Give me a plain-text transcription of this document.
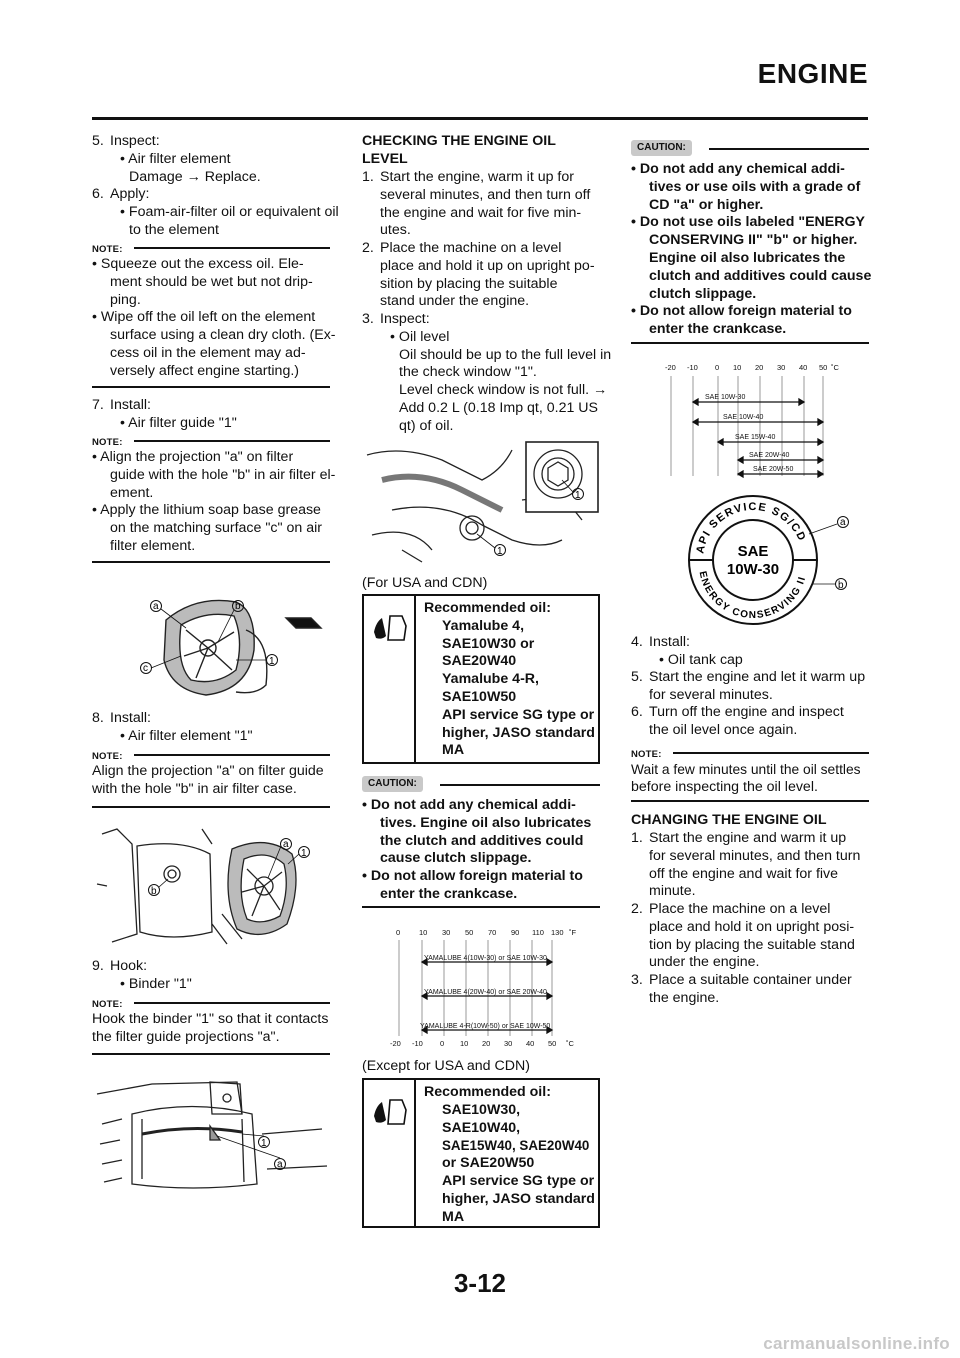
ENGINE
5. Inspect:
• Air filter element
Damage → Replace.
6. Apply:
• Foam-air-filter oil or equivalent oil
to the element
NOTE:
• Squeeze out the excess oil. Ele-
ment should be wet but not drip-
ping.
• Wipe off the oil left on the element
surface using a clean dry cloth. (Ex-
cess oil in the element may ad-
versely affect engine starting.)
7. Install:
• Air filter guide "1"
NOTE:
• Align the projection "a" on filter
guide with the hole "b" in air filter el-
ement.
• Apply the lithium soap base grease
on the matching surface "c" on air
filter element.
a	b
c
1
8. Install:
• Air filter element "1"
NOTE:
Align the projection "a" on filter guide
with the hole "b" in air filter case.
a
1
b
9. Hook:
• Binder "1"
NOTE:
Hook the binder "1" so that it contacts
the filter guide projections "a".
1
a
CHECKING THE ENGINE OIL
LEVEL
1. Start the engine, warm it up for
several minutes, and then turn off
the engine and wait for five min-
utes.
2. Place the machine on a level
place and hold it up on upright po-
sition by placing the suitable
stand under the engine.
3. Inspect:
• Oil level
Oil should be up to the full level in
the check window "1".
Level check window is not full. →
Add 0.2 L (0.18 Imp qt, 0.21 US
qt) of oil.
1
1
(For USA and CDN)
Recommended oil:
Yamalube 4,
SAE10W30 or
SAE20W40
Yamalube 4-R,
SAE10W50
API service SG type or
higher, JASO standard
MA
CAUTION:
• Do not add any chemical addi-
tives. Engine oil also lubricates
the clutch and additives could
cause clutch slippage.
• Do not allow foreign material to
enter the crankcase.
0	10 30 50 70 90 110 130 ˚F
-20 -10 0 10 20 30 40 50 ˚C
YAMALUBE 4(10W-30) or SAE 10W-30
YAMALUBE 4(20W-40) or SAE 20W-40
YAMALUBE 4-R(10W-50) or SAE 10W-50
(Except for USA and CDN)
Recommended oil:
SAE10W30,
SAE10W40,
SAE15W40, SAE20W40
or SAE20W50
API service SG type or
higher, JASO standard
MA
CAUTION:
• Do not add any chemical addi-
tives or use oils with a grade of
CD "a" or higher.
• Do not use oils labeled "ENERGY
CONSERVING II" "b" or higher.
Engine oil also lubricates the
clutch and additives could cause
clutch slippage.
• Do not allow foreign material to
enter the crankcase.
-20 -10 0 10 20 30 40 50 ˚C
SAE 10W-30
SAE 10W-40
SAE 15W-40
SAE 20W-40
SAE 20W-50
API SERVICE SG/CD
ENERGY CONSERVING II
SAE
10W-30
a
b
4. Install:
• Oil tank cap
5. Start the engine and let it warm up
for several minutes.
6. Turn off the engine and inspect
the oil level once again.
NOTE:
Wait a few minutes until the oil settles
before inspecting the oil level.
CHANGING THE ENGINE OIL
1. Start the engine and warm it up
for several minutes, and then turn
off the engine and wait for five
minute.
2. Place the machine on a level
place and hold it on upright posi-
tion by placing the suitable stand
under the engine.
3. Place a suitable container under
the engine.
3-12
carmanualsonline.info
